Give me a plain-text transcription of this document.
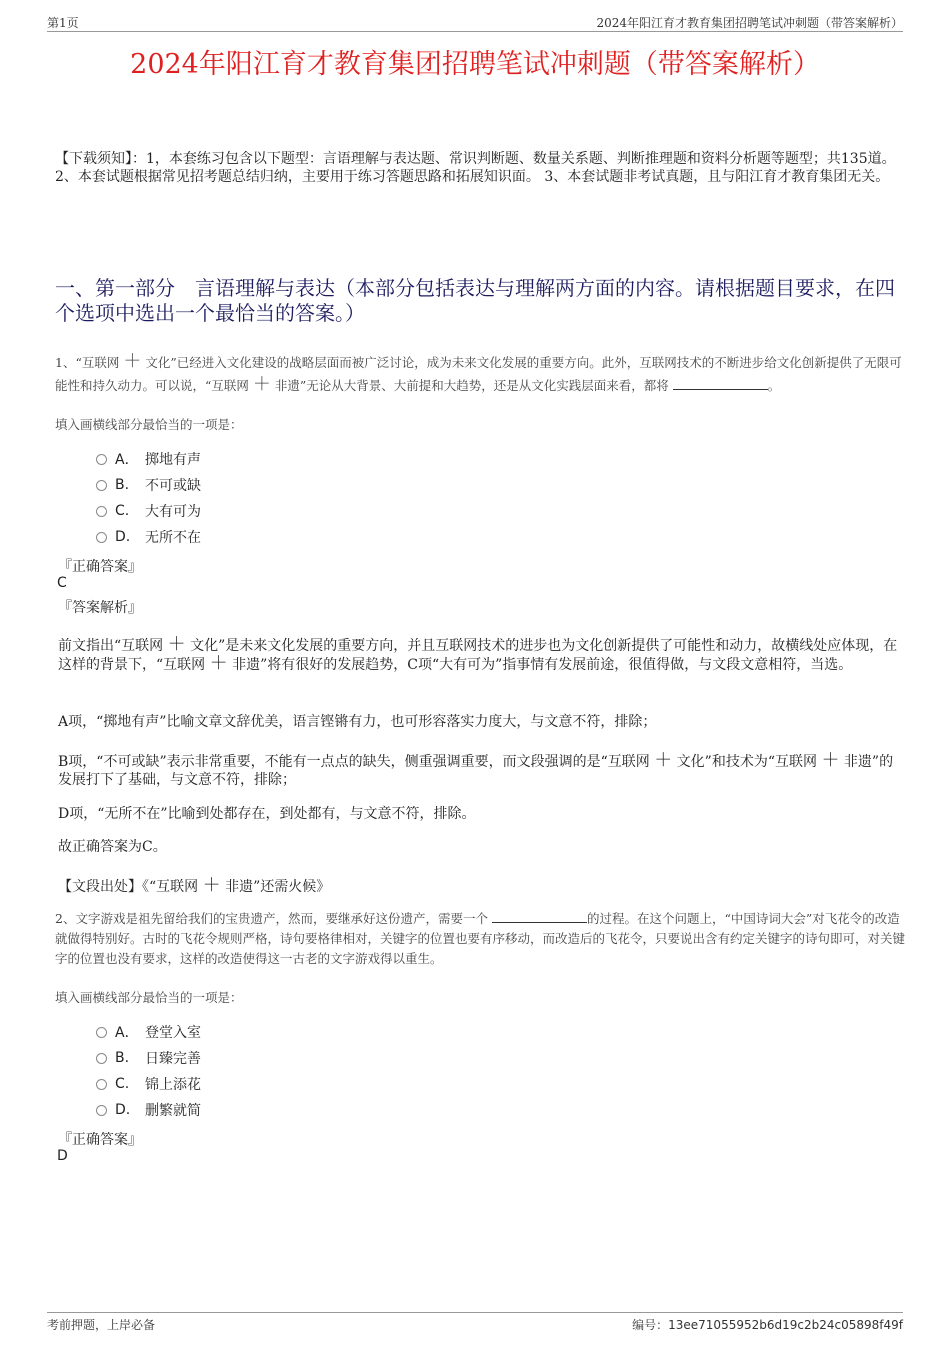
第1页	2024年阳江育才教育集团招聘笔试冲刺题（带答案解析）
2024年阳江育才教育集团招聘笔试冲刺题（带答案解析）
【下载须知】：1，本套练习包含以下题型：言语理解与表达题、常识判断题、数量关系题、判断推理题和资料分析题等题型；共135道。 2、本套试题根据常见招考题总结归纳，主要用于练习答题思路和拓展知识面。 3、本套试题非考试真题，且与阳江育才教育集团无关。
一、第一部分　言语理解与表达（本部分包括表达与理解两方面的内容。请根据题目要求，在四个选项中选出一个最恰当的答案。）
1、“互联网 ＋ 文化”已经进入文化建设的战略层面而被广泛讨论，成为未来文化发展的重要方向。此外，互联网技术的不断进步给文化创新提供了无限可能性和持久动力。可以说，“互联网 ＋ 非遗”无论从大背景、大前提和大趋势，还是从文化实践层面来看，都将	。
填入画横线部分最恰当的一项是：
A． 掷地有声
B.	不可或缺
C.	大有可为
D.	无所不在
『正确答案』
C
『答案解析』
前文指出“互联网 ＋ 文化”是未来文化发展的重要方向，并且互联网技术的进步也为文化创新提供了可能性和动力，故横线处应体现，在这样的背景下，“互联网 ＋ 非遗”将有很好的发展趋势，C项“大有可为”指事情有发展前途，很值得做，与文段文意相符，当选。
A项，“掷地有声”比喻文章文辞优美，语言铿锵有力，也可形容落实力度大，与文意不符，排除；
B项，“不可或缺”表示非常重要，不能有一点点的缺失，侧重强调重要，而文段强调的是“互联网 ＋ 文化”和技术为“互联网 ＋ 非遗”的发展打下了基础，与文意不符，排除；
D项，“无所不在”比喻到处都存在，到处都有，与文意不符，排除。
故正确答案为C。
【文段出处】《“互联网 ＋ 非遗”还需火候》
2、文字游戏是祖先留给我们的宝贵遗产，然而，要继承好这份遗产，需要一个	的过程。在这个问题上，“中国诗词大会”对飞花令的改造就做得特别好。古时的飞花令规则严格，诗句要格律相对，关键字的位置也要有序移动，而改造后的飞花令，只要说出含有约定关键字的诗句即可，对关键字的位置也没有要求，这样的改造使得这一古老的文字游戏得以重生。
填入画横线部分最恰当的一项是：
A． 登堂入室
B.	日臻完善
C.	锦上添花
D.	删繁就简
『正确答案』
D
考前押题，上岸必备	编号：13ee71055952b6d19c2b24c05898f49f
